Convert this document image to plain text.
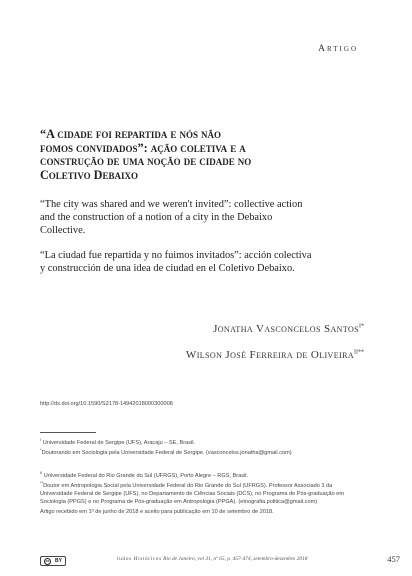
Artigo
“A cidade foi repartida e nós não
fomos convidados”: ação coletiva e a
construção de uma noção de cidade no
Coletivo Debaixo
“The city was shared and we weren't invited”: collective action
and the construction of a notion of a city in the Debaixo
Collective.
“La ciudad fue repartida y no fuimos invitados”: acción colectiva
y construcción de una idea de ciudad en el Coletivo Debaixo.
Jonatha Vasconcelos Santos$^{I*}$
Wilson José Ferreira de Oliveira$^{II**}$
http://dx.doi.org/10.1590/S2178-14942018000300008
$^I$ Universidade Federal de Sergipe (UFS), Aracaju – SE, Brasil.
*Doutorando em Sociologia pela Universidade Federal de Sergipe. (vasconcelos.jonatha@gmail.com)
$^{II}$ Universidade Federal do Rio Grande do Sul (UFRGS), Porto Alegre – RGS, Brasil.
**Doutor em Antropologia Social pela Universidade Federal do Rio Grande do Sul (UFRGS). Professor Associado 3 da
Universidade Federal de Sergipe (UFS), no Departamento de Ciências Sociais (DCS), no Programa de Pós-graduação em
Sociologia (PPGS) e no Programa de Pós-graduação em Antropologia (PPGA). (etnografia.politica@gmail.com)
Artigo recebido em 1º de junho de 2018 e aceito para publicação em 10 de setembro de 2018.
cc	BY	tudos Históricos Rio de Janeiro, vol 31, nº 65, p. 457-474, setembro-dezembro 2018	457
